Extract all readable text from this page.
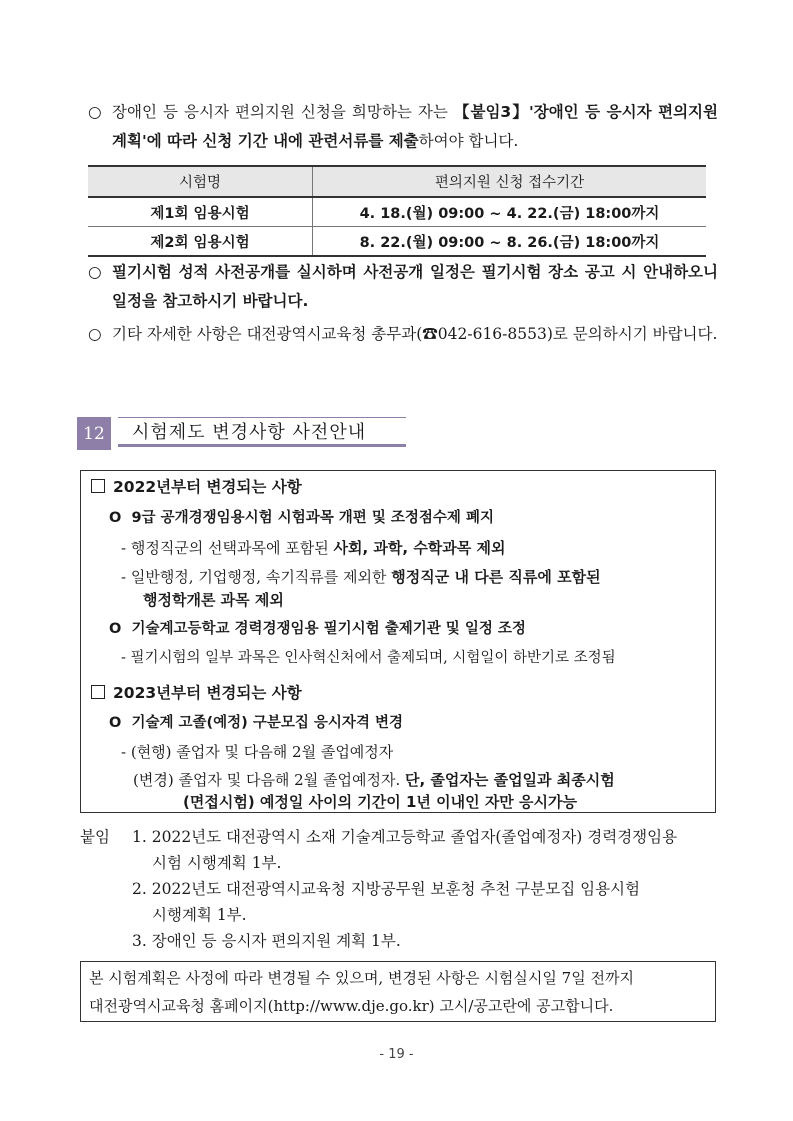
○ 장애인 등 응시자 편의지원 신청을 희망하는 자는 【붙임3】'장애인 등 응시자 편의지원 계획'에 따라 신청 기간 내에 관련서류를 제출하여야 합니다.
시험명	편의지원 신청 접수기간
제1회 임용시험	4. 18.(월) 09:00 ~ 4. 22.(금) 18:00까지
제2회 임용시험	8. 22.(월) 09:00 ~ 8. 26.(금) 18:00까지
○ 필기시험 성적 사전공개를 실시하며 사전공개 일정은 필기시험 장소 공고 시 안내하오니 일정을 참고하시기 바랍니다.
○ 기타 자세한 사항은 대전광역시교육청 총무과(☎042-616-8553)로 문의하시기 바랍니다.
12	시험제도 변경사항 사전안내
2022년부터 변경되는 사항
O 9급 공개경쟁임용시험 시험과목 개편 및 조정점수제 폐지
- 행정직군의 선택과목에 포함된 사회, 과학, 수학과목 제외
- 일반행정, 기업행정, 속기직류를 제외한 행정직군 내 다른 직류에 포함된
행정학개론 과목 제외
O 기술계고등학교 경력경쟁임용 필기시험 출제기관 및 일정 조정
- 필기시험의 일부 과목은 인사혁신처에서 출제되며, 시험일이 하반기로 조정됨
2023년부터 변경되는 사항
O 기술계 고졸(예정) 구분모집 응시자격 변경
- (현행) 졸업자 및 다음해 2월 졸업예정자
(변경) 졸업자 및 다음해 2월 졸업예정자. 단, 졸업자는 졸업일과 최종시험
(면접시험) 예정일 사이의 기간이 1년 이내인 자만 응시가능
붙임 1. 2022년도 대전광역시 소재 기술계고등학교 졸업자(졸업예정자) 경력경쟁임용
시험 시행계획 1부.
2. 2022년도 대전광역시교육청 지방공무원 보훈청 추천 구분모집 임용시험
시행계획 1부.
3. 장애인 등 응시자 편의지원 계획 1부.
본 시험계획은 사정에 따라 변경될 수 있으며, 변경된 사항은 시험실시일 7일 전까지
대전광역시교육청 홈페이지(http://www.dje.go.kr) 고시/공고란에 공고합니다.
- 19 -
